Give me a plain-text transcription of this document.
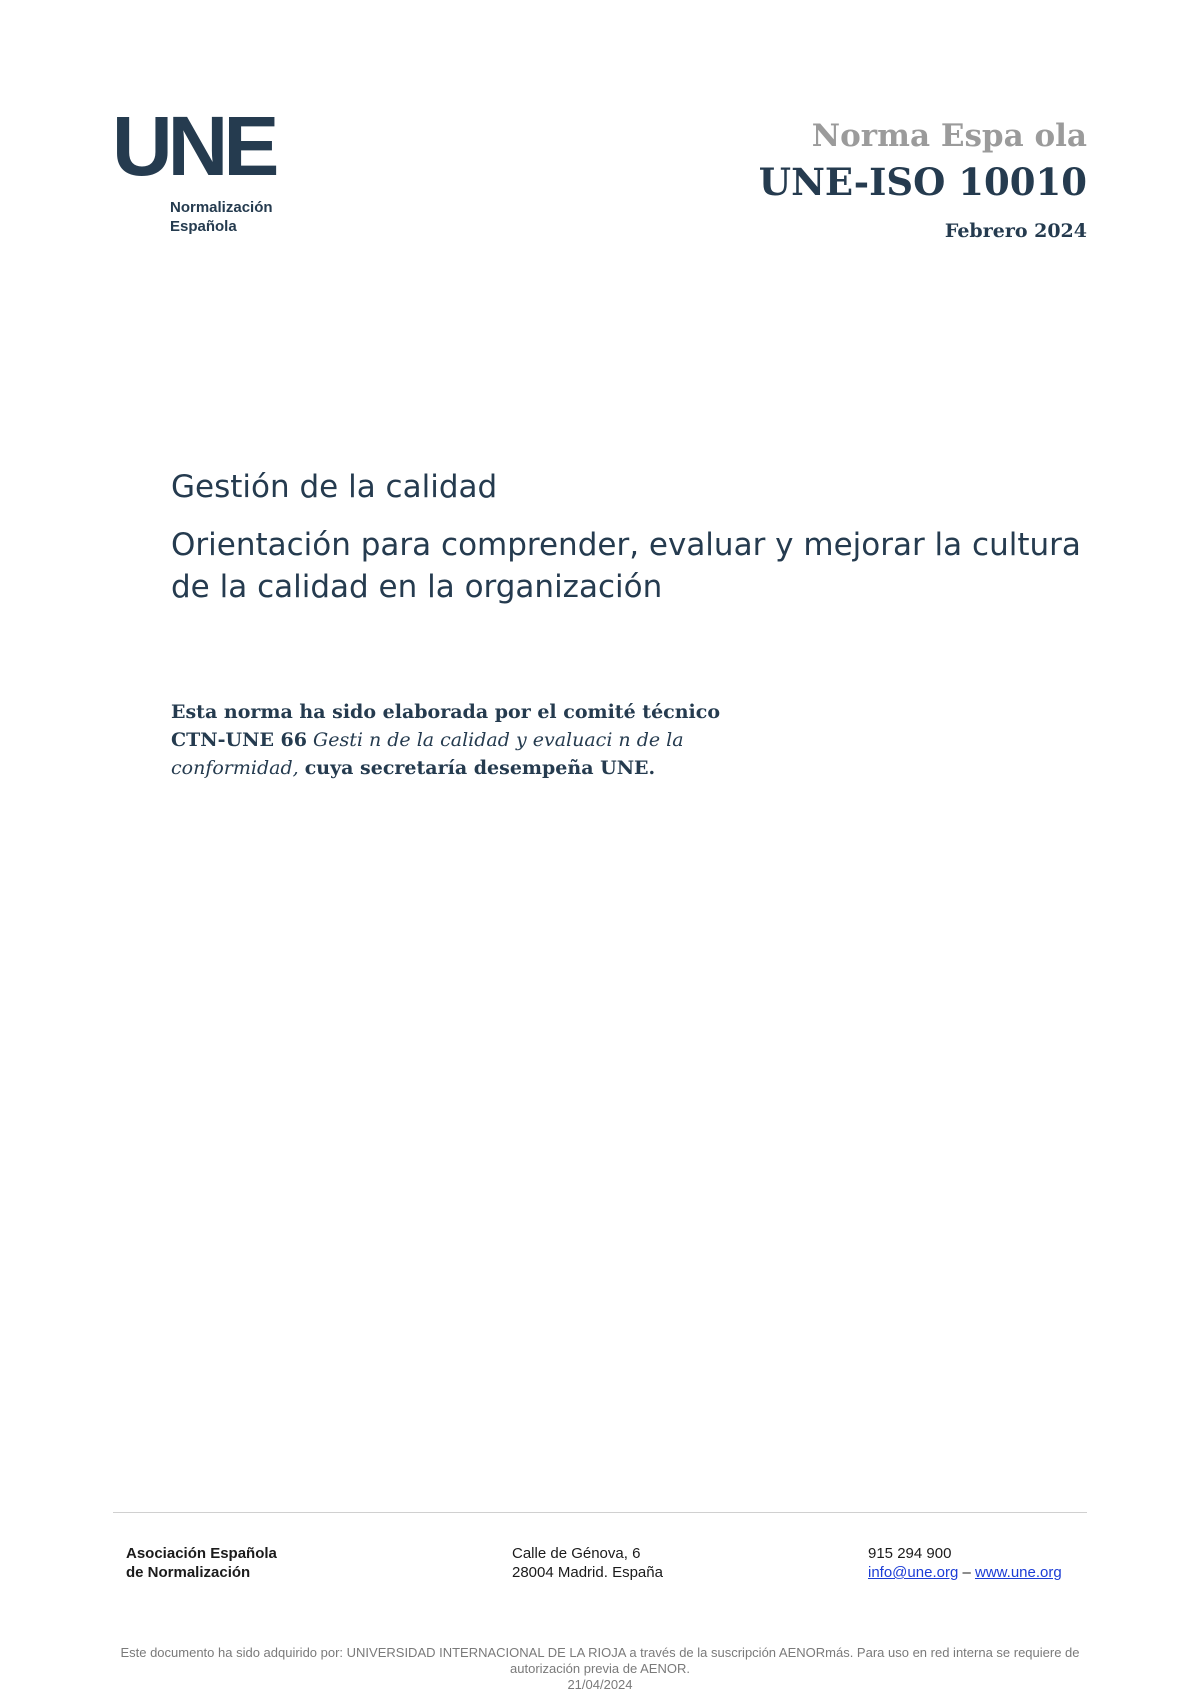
UNE
Normalización
Española
Norma Espa ola
UNE-ISO 10010
Febrero 2024
Gestión de la calidad
Orientación para comprender, evaluar y mejorar la cultura
de la calidad en la organización
Esta norma ha sido elaborada por el comité técnico
CTN-UNE 66 Gesti n de la calidad y evaluaci n de la
conformidad, cuya secretaría desempeña UNE.
Asociación Española
de Normalización
Calle de Génova, 6
28004 Madrid. España
915 294 900
info@une.org – www.une.org
Este documento ha sido adquirido por: UNIVERSIDAD INTERNACIONAL DE LA RIOJA a través de la suscripción AENORmás. Para uso en red interna se requiere de
autorización previa de AENOR.
21/04/2024
